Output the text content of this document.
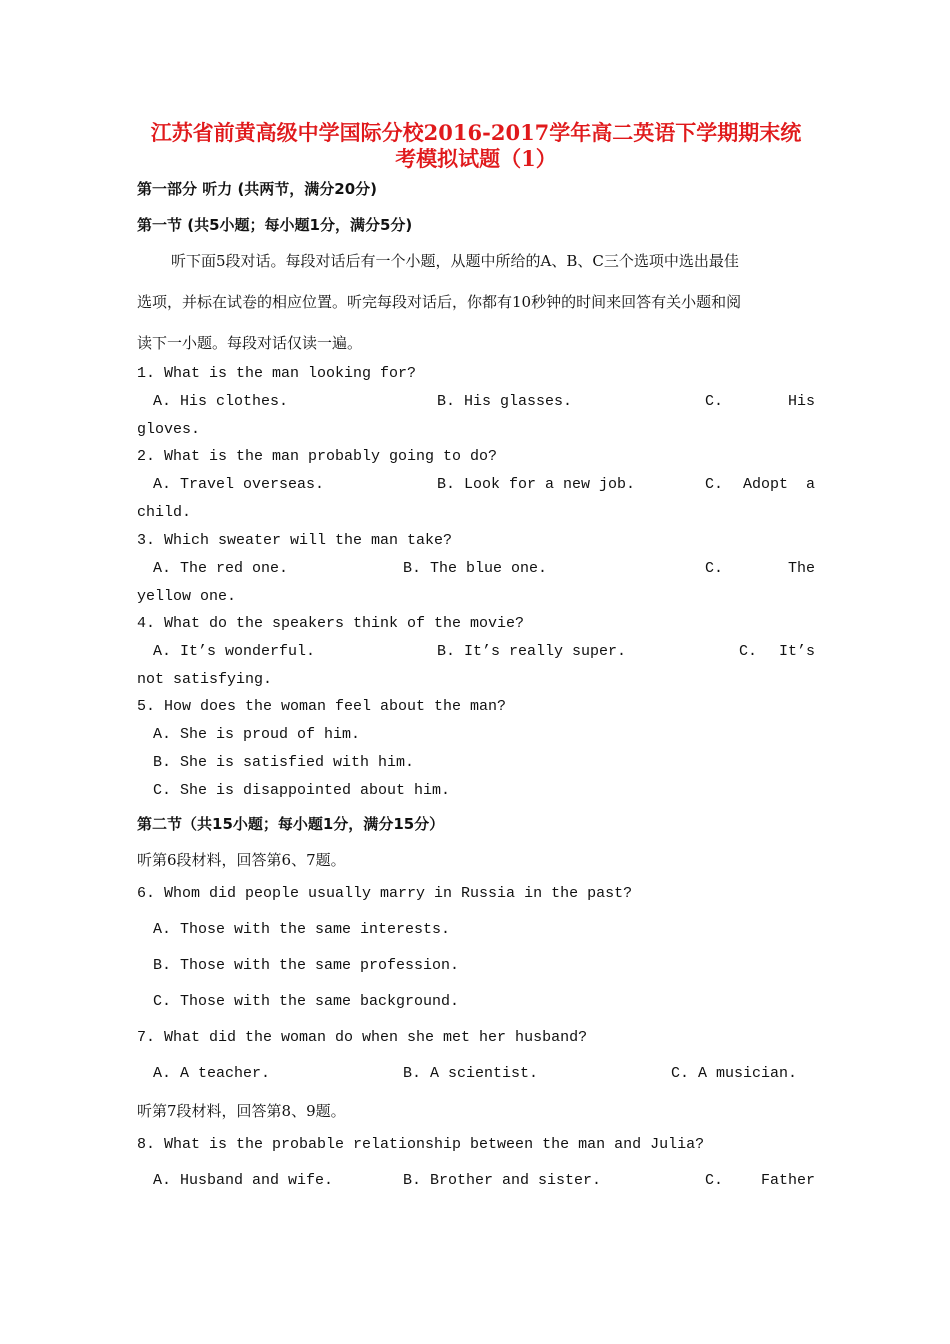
江苏省前黄高级中学国际分校2016-2017学年高二英语下学期期末统
考模拟试题（1）
第一部分 听力 (共两节，满分20分)
第一节 (共5小题；每小题1分，满分5分)
听下面5段对话。每段对话后有一个小题，从题中所给的A、B、C三个选项中选出最佳
选项，并标在试卷的相应位置。听完每段对话后，你都有10秒钟的时间来回答有关小题和阅
读下一小题。每段对话仅读一遍。
1. What is the man looking for?
A. His clothes.	B. His glasses.	C.	His
gloves.
2. What is the man probably going to do?
A. Travel overseas.	B. Look for a new job.	C. Adopt a
child.
3. Which sweater will the man take?
A. The red one.	B. The blue one.	C.	The
yellow one.
4. What do the speakers think of the movie?
A. It’s wonderful.	B. It’s really super.	C. It’s
not satisfying.
5. How does the woman feel about the man?
A. She is proud of him.
B. She is satisfied with him.
C. She is disappointed about him.
第二节（共15小题；每小题1分，满分15分）
听第6段材料，回答第6、7题。
6. Whom did people usually marry in Russia in the past?
A. Those with the same interests.
B. Those with the same profession.
C. Those with the same background.
7. What did the woman do when she met her husband?
A. A teacher.	B. A scientist.	C. A musician.
听第7段材料，回答第8、9题。
8. What is the probable relationship between the man and Julia?
A. Husband and wife.	B. Brother and sister.	C.	Father
